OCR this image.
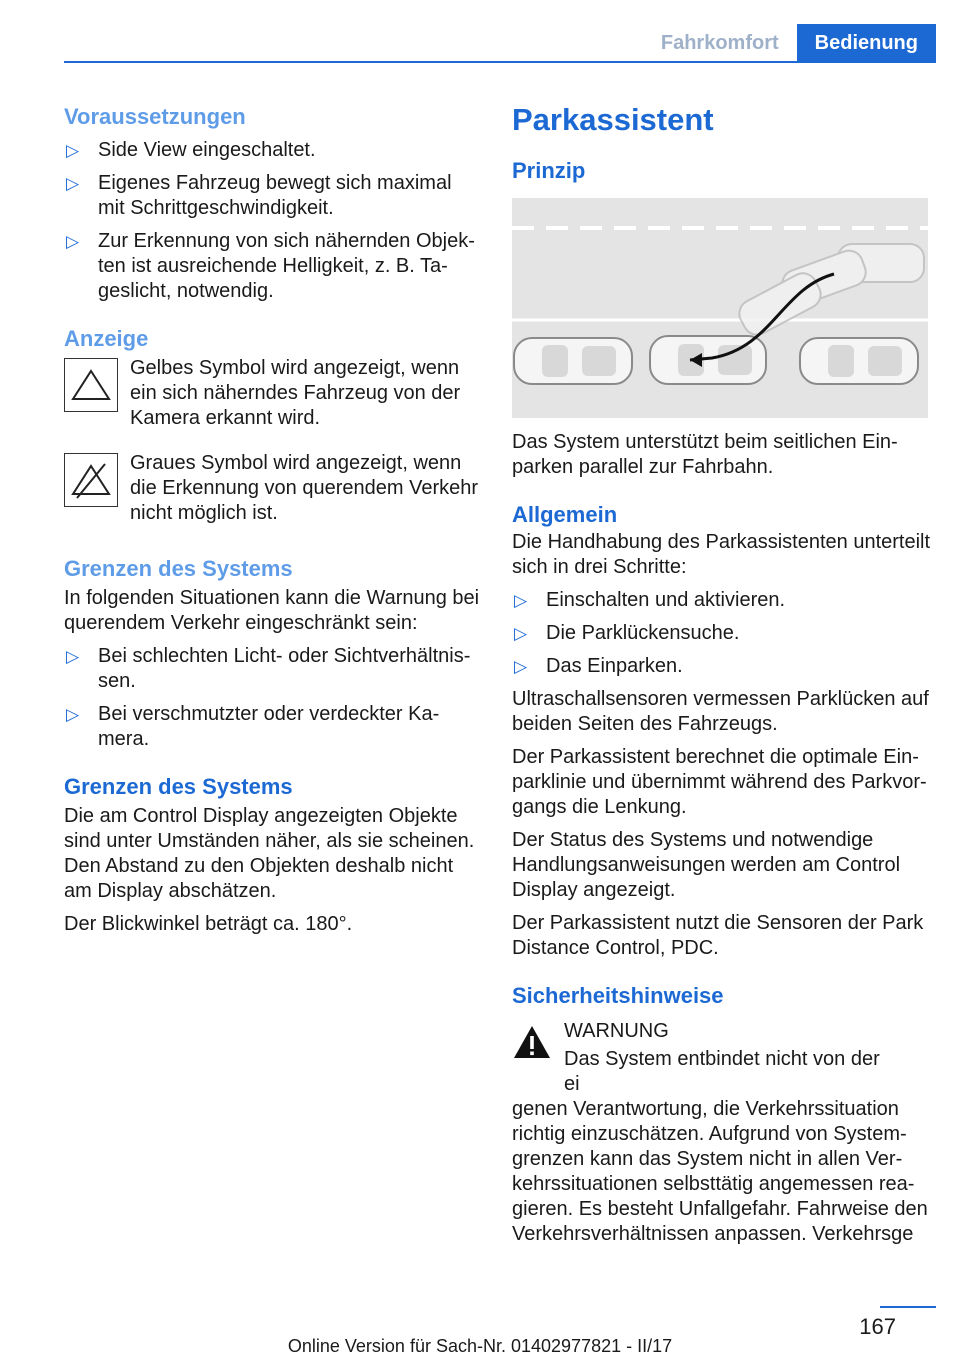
Fahrkomfort	Bedienung
Voraussetzungen
▷ Side View eingeschaltet.
▷ Eigenes Fahrzeug bewegt sich maximal mit Schrittgeschwindigkeit.
▷ Zur Erkennung von sich nähernden Objekten ist ausreichende Helligkeit, z. B. Tageslicht, notwendig.
Anzeige

Gelbes Symbol wird angezeigt, wenn ein sich näherndes Fahrzeug von der Kamera erkannt wird.

Graues Symbol wird angezeigt, wenn die Erkennung von querendem Verkehr nicht möglich ist.

Grenzen des Systems

In folgenden Situationen kann die Warnung bei querendem Verkehr eingeschränkt sein:

▷ Bei schlechten Licht- oder Sichtverhältnissen.
▷ Bei verschmutzter oder verdeckter Kamera.
Grenzen des Systems

Die am Control Display angezeigten Objekte sind unter Umständen näher, als sie scheinen. Den Abstand zu den Objekten deshalb nicht am Display abschätzen.

Der Blickwinkel beträgt ca. 180°.

Parkassistent
Prinzip

Das System unterstützt beim seitlichen Einparken parallel zur Fahrbahn.

Allgemein

Die Handhabung des Parkassistenten unterteilt sich in drei Schritte:

▷ Einschalten und aktivieren.
▷ Die Parklückensuche.
▷ Das Einparken.

Ultraschallsensoren vermessen Parklücken auf beiden Seiten des Fahrzeugs.

Der Parkassistent berechnet die optimale Einparklinie und übernimmt während des Parkvorgangs die Lenkung.

Der Status des Systems und notwendige Handlungsanweisungen werden am Control Display angezeigt.

Der Parkassistent nutzt die Sensoren der Park Distance Control, PDC.

Sicherheitshinweise

WARNUNG

Das System entbindet nicht von der ei

genen Verantwortung, die Verkehrssituation richtig einzuschätzen. Aufgrund von Systemgrenzen kann das System nicht in allen Verkehrssituationen selbsttätig angemessen reagieren. Es besteht Unfallgefahr. Fahrweise den Verkehrsverhältnissen anpassen. Verkehrsge

167
Online Version für Sach-Nr. 01402977821 - II/17
